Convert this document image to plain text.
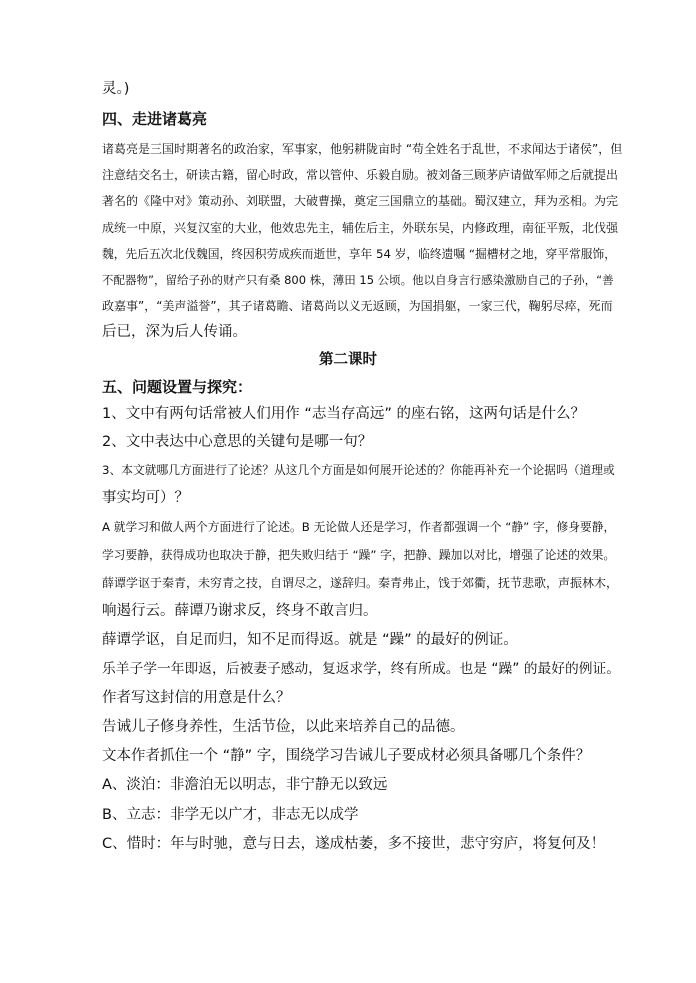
灵。)
四、走进诸葛亮
诸葛亮是三国时期著名的政治家，军事家，他躬耕陇亩时 “苟全姓名于乱世，不求闻达于诸侯”，但
注意结交名士，研读古籍，留心时政，常以管仲、乐毅自励。被刘备三顾茅庐请做军师之后就提出
著名的《隆中对》策动孙、刘联盟，大破曹操，奠定三国鼎立的基础。蜀汉建立，拜为丞相。为完
成统一中原，兴复汉室的大业，他效忠先主，辅佐后主，外联东吴，内修政理，南征平叛，北伐强
魏，先后五次北伐魏国，终因积劳成疾而逝世，享年 54 岁，临终遗嘱 “掘槽材之地，穿平常服饰，
不配器物”，留给子孙的财产只有桑 800 株，薄田 15 公顷。他以自身言行感染激励自己的子孙，“善
政嘉事”，“美声溢誉”，其子诸葛瞻、诸葛尚以义无返顾，为国捐躯，一家三代，鞠躬尽瘁，死而
后已，深为后人传诵。
第二课时
五、问题设置与探究：
1、文中有两句话常被人们用作 “志当存高远” 的座右铭，这两句话是什么？
2、文中表达中心意思的关键句是哪一句？
3、本文就哪几方面进行了论述？从这几个方面是如何展开论述的？你能再补充一个论据吗（道理或
事实均可）？
A 就学习和做人两个方面进行了论述。B 无论做人还是学习，作者都强调一个 “静” 字，修身要静，
学习要静，获得成功也取决于静，把失败归结于 “躁” 字，把静、躁加以对比，增强了论述的效果。
薛谭学讴于秦青，未穷青之技，自谓尽之，遂辞归。秦青弗止，饯于郊衢，抚节悲歌，声振林木，
响遏行云。薛谭乃谢求反，终身不敢言归。
薛谭学讴，自足而归，知不足而得返。就是 “躁” 的最好的例证。
乐羊子学一年即返，后被妻子感动，复返求学，终有所成。也是 “躁” 的最好的例证。
作者写这封信的用意是什么？
告诫儿子修身养性，生活节俭，以此来培养自己的品德。
文本作者抓住一个 “静” 字，围绕学习告诫儿子要成材必须具备哪几个条件？
A、淡泊：非澹泊无以明志，非宁静无以致远
B、立志：非学无以广才，非志无以成学
C、惜时：年与时驰，意与日去，遂成枯萎，多不接世，悲守穷庐，将复何及！
